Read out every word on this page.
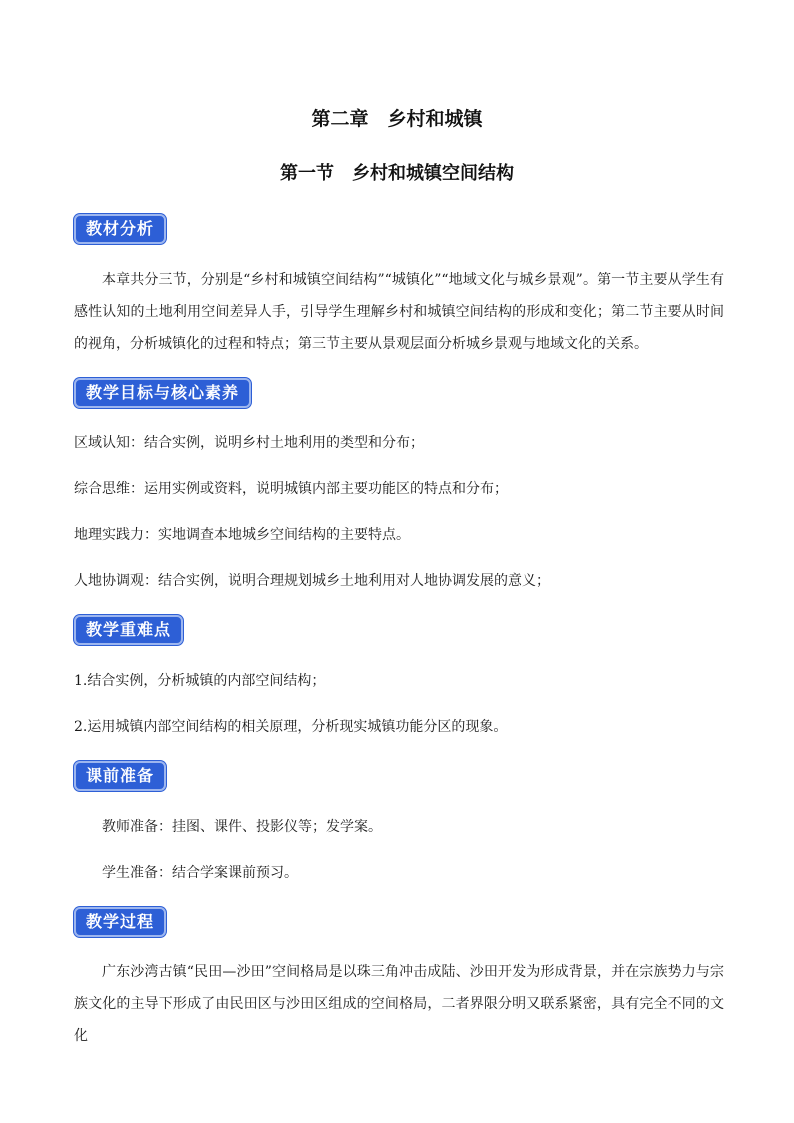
第二章　乡村和城镇
第一节　乡村和城镇空间结构
教材分析
本章共分三节，分别是“乡村和城镇空间结构”“城镇化”“地域文化与城乡景观”。第一节主要从学生有感性认知的土地利用空间差异人手，引导学生理解乡村和城镇空间结构的形成和变化；第二节主要从时间的视角，分析城镇化的过程和特点；第三节主要从景观层面分析城乡景观与地域文化的关系。
教学目标与核心素养
区域认知：结合实例，说明乡村土地利用的类型和分布；
综合思维：运用实例或资料，说明城镇内部主要功能区的特点和分布；
地理实践力：实地调查本地城乡空间结构的主要特点。
人地协调观：结合实例，说明合理规划城乡土地利用对人地协调发展的意义；
教学重难点
1.结合实例，分析城镇的内部空间结构；
2.运用城镇内部空间结构的相关原理，分析现实城镇功能分区的现象。
课前准备
教师准备：挂图、课件、投影仪等；发学案。
学生准备：结合学案课前预习。
教学过程
广东沙湾古镇“民田—沙田”空间格局是以珠三角冲击成陆、沙田开发为形成背景，并在宗族势力与宗族文化的主导下形成了由民田区与沙田区组成的空间格局，二者界限分明又联系紧密，具有完全不同的文化
